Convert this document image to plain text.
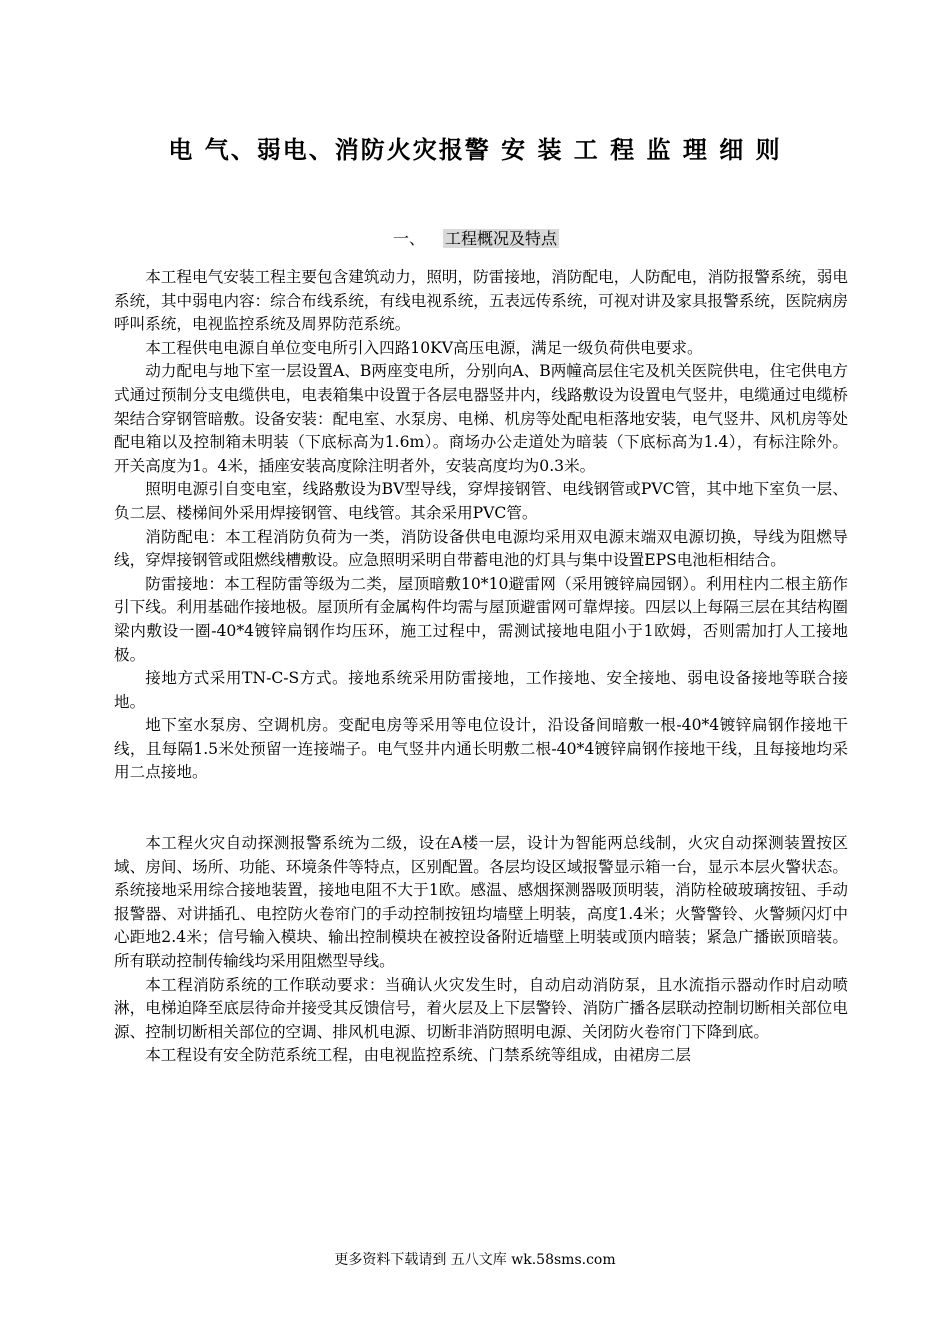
电 气、弱电、消防火灾报警 安 装 工 程 监 理 细 则
一、 工程概况及特点

本工程电气安装工程主要包含建筑动力，照明，防雷接地，消防配电，人防配电，消防报警系统，弱电系统，其中弱电内容：综合布线系统，有线电视系统，五表远传系统，可视对讲及家具报警系统，医院病房呼叫系统，电视监控系统及周界防范系统。

本工程供电电源自单位变电所引入四路10KV高压电源，满足一级负荷供电要求。

动力配电与地下室一层设置A、B两座变电所，分别向A、B两幢高层住宅及机关医院供电，住宅供电方式通过预制分支电缆供电，电表箱集中设置于各层电器竖井内，线路敷设为设置电气竖井，电缆通过电缆桥架结合穿钢管暗敷。设备安装：配电室、水泵房、电梯、机房等处配电柜落地安装，电气竖井、风机房等处配电箱以及控制箱未明装（下底标高为1.6m）。商场办公走道处为暗装（下底标高为1.4），有标注除外。开关高度为1。4米，插座安装高度除注明者外，安装高度均为0.3米。

照明电源引自变电室，线路敷设为BV型导线，穿焊接钢管、电线钢管或PVC管，其中地下室负一层、负二层、楼梯间外采用焊接钢管、电线管。其余采用PVC管。

消防配电：本工程消防负荷为一类，消防设备供电电源均采用双电源末端双电源切换，导线为阻燃导线，穿焊接钢管或阻燃线槽敷设。应急照明采明自带蓄电池的灯具与集中设置EPS电池柜相结合。

防雷接地：本工程防雷等级为二类，屋顶暗敷10*10避雷网（采用镀锌扁园钢）。利用柱内二根主筋作引下线。利用基础作接地极。屋顶所有金属构件均需与屋顶避雷网可靠焊接。四层以上每隔三层在其结构圈梁内敷设一圈-40*4镀锌扁钢作均压环，施工过程中，需测试接地电阻小于1欧姆，否则需加打人工接地极。

接地方式采用TN-C-S方式。接地系统采用防雷接地，工作接地、安全接地、弱电设备接地等联合接地。

地下室水泵房、空调机房。变配电房等采用等电位设计，沿设备间暗敷一根-40*4镀锌扁钢作接地干线，且每隔1.5米处预留一连接端子。电气竖井内通长明敷二根-40*4镀锌扁钢作接地干线，且每接地均采用二点接地。

本工程火灾自动探测报警系统为二级，设在A楼一层，设计为智能两总线制，火灾自动探测装置按区域、房间、场所、功能、环境条件等特点，区别配置。各层均设区域报警显示箱一台，显示本层火警状态。系统接地采用综合接地装置，接地电阻不大于1欧。感温、感烟探测器吸顶明装，消防栓破玻璃按钮、手动报警器、对讲插孔、电控防火卷帘门的手动控制按钮均墙壁上明装，高度1.4米；火警警铃、火警频闪灯中心距地2.4米；信号输入模块、输出控制模块在被控设备附近墙壁上明装或顶内暗装；紧急广播嵌顶暗装。所有联动控制传输线均采用阻燃型导线。

本工程消防系统的工作联动要求：当确认火灾发生时，自动启动消防泵，且水流指示器动作时启动喷淋，电梯迫降至底层待命并接受其反馈信号，着火层及上下层警铃、消防广播各层联动控制切断相关部位电源、控制切断相关部位的空调、排风机电源、切断非消防照明电源、关闭防火卷帘门下降到底。

本工程设有安全防范系统工程，由电视监控系统、门禁系统等组成，由裙房二层

更多资料下载请到 五八文库 wk.58sms.com
